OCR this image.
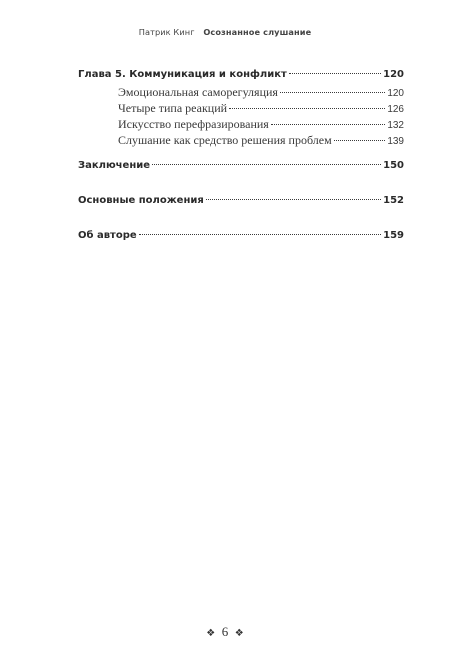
Патрик Кинг Осознанное слушание
Глава 5. Коммуникация и конфликт	120
Эмоциональная саморегуляция	120
Четыре типа реакций	126
Искусство перефразирования	132
Слушание как средство решения проблем	139
Заключение	150
Основные положения	152
Об авторе	159
❖ 6 ❖
